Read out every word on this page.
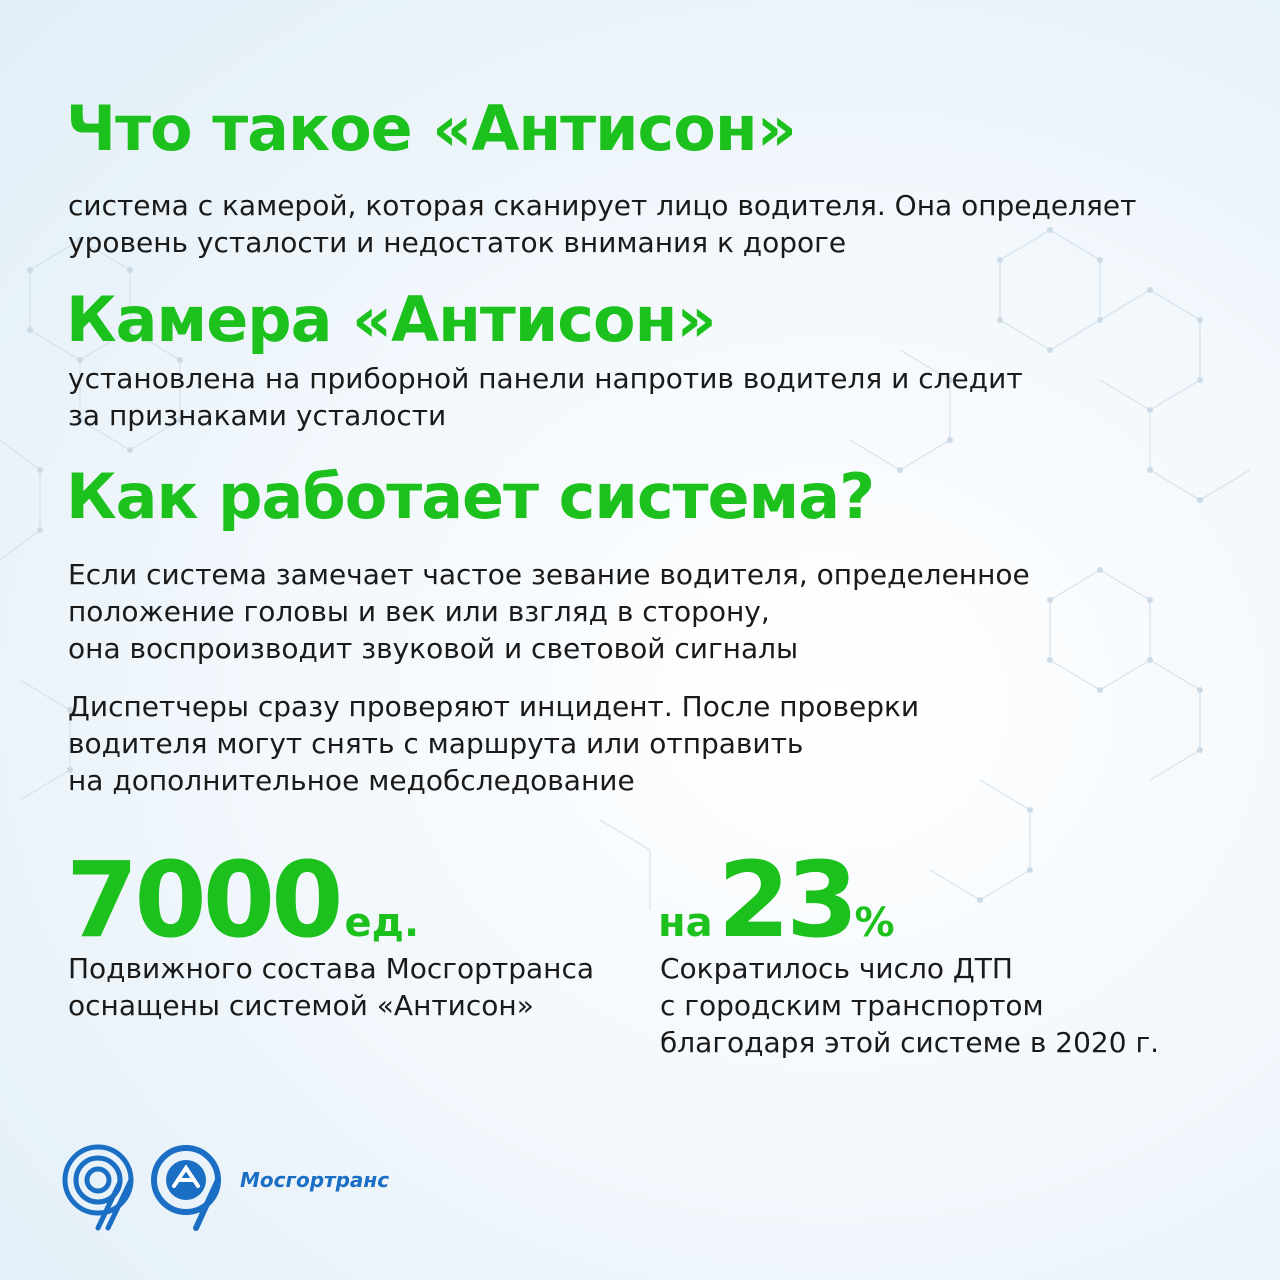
Что такое «Антисон»

система с камерой, которая сканирует лицо водителя. Она определяет
уровень усталости и недостаток внимания к дороге

Камера «Антисон»

установлена на приборной панели напротив водителя и следит
за признаками усталости

Как работает система?

Если система замечает частое зевание водителя, определенное
положение головы и век или взгляд в сторону,
она воспроизводит звуковой и световой сигналы

Диспетчеры сразу проверяют инцидент. После проверки
водителя могут снять с маршрута или отправить
на дополнительное медобследование

7000 ед.

Подвижного состава Мосгортранса
оснащены системой «Антисон»

на 23%

Сократилось число ДТП
с городским транспортом
благодаря этой системе в 2020 г.

Мосгортранс
